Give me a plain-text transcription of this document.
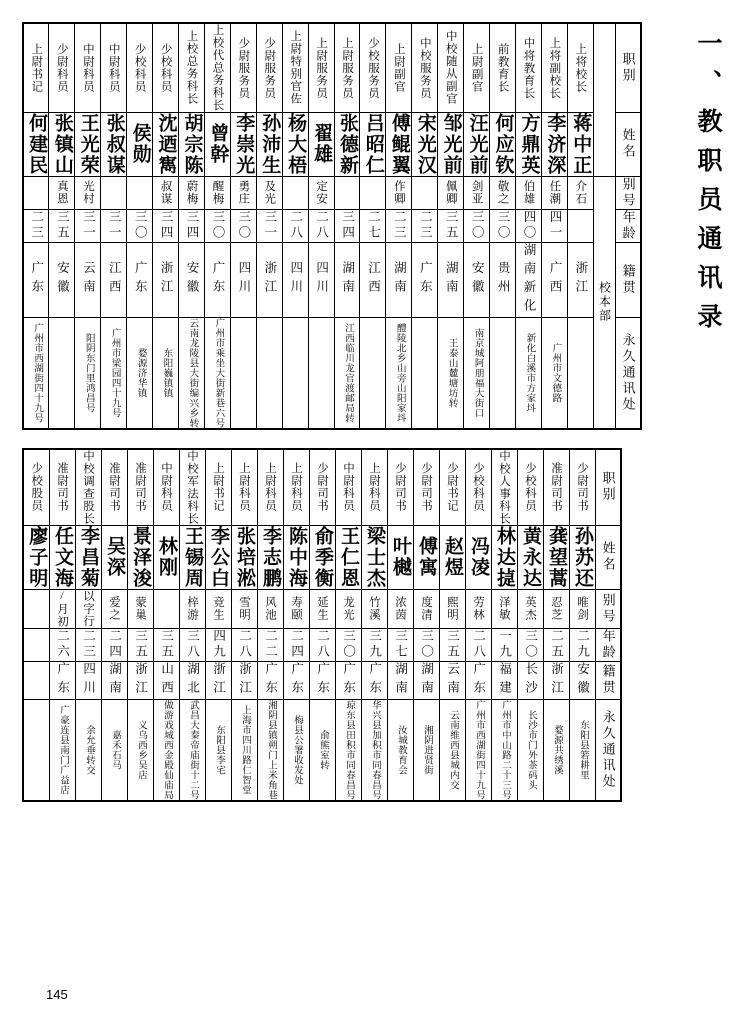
一、教职员通讯录
上尉书记	少尉科员	中尉科员	中尉科员	少校科员	少校科员	上校总务科长	上校代总务科长	少尉服务员	少尉服务员	上尉特别官佐	上尉服务员	上尉服务员	少校服务员	上尉副官	中校服务员	中校随从副官	上尉副官	前教育长	中将教育长	上将副校长	上将校长		职别

何建民	张镇山	王光荣	张叔谋	侯勋	沈迺寯	胡宗陈	曾幹	李崇光	孙沛生	杨大梧	翟雄	张德新	吕昭仁	傅鲲翼	宋光汉	邹光前	汪光前	何应钦	方鼎英	李济深	蒋中正		姓名

	真恩	光村			叔谋	蔚梅	醒梅	勇庄	及光		定安			作卿		佩卿	剑亚	敬之	伯雄	任潮	介石	校本部	别号

二三	三五	三一	三一	三〇	三四	三四	三〇	三〇	三一	二八	二八	三四	二七	二三	二三	三五	三〇	三〇	四〇	四一			年龄

广东	安徽	云南	江西	广东	浙江	安徽	广东	四川	浙江	四川	四川	湖南	江西	湖南	广东	湖南	安徽	贵州	湖南新化	广西	浙江		籍贯

广州市西湖街四十九号		阳阴东门里鸿昌号	广州市梁园四十九号	婺源济华镇	东阳巍镇镇	云南龙陵县大街编兴乡转	广州市乘坐大街新巷六号					江西临川龙官渡邮局转		醴陵北乡山旁山阳家㘰		王泰山麓塘坊转	南京城阿朋福大街口		新化白溪市方家㘰	广州市文德路			永久通讯处
少校股员	准尉司书	中校调查股长	准尉司书	准尉司书	中尉科员	中校军法科长	上尉书记	上尉科员	上尉科员	上尉科员	少尉司书	中尉科员	上尉科员	少尉司书	少尉司书	少尉书记	少校科员	中校人事科长	少校科员	准尉司书	少尉司书	职别

廖子明	任文海	李昌菊	吴深	景泽浚	林刚	王锡周	李公白	张培淞	李志鹏	陈中海	俞季衡	王仁恩	梁士杰	叶樾	傅寓	赵煜	冯凌	林达㨗	黄永达	龚望蒿	孙苏还	姓名

	/月初	以字行	爱之	蒙巢		梓游	竞生	雪明	风池	寿颐	延生	龙光	竹溪	浓茵	度清	熙明	劳林	泽敏	英杰	忍芝	唯剑	别号

	二六	二三	二四	三五	三五	三八	四九	二八	二二	二四	二八	三〇	三九	三七	三〇	三五	二八	一九	三〇	二五	二九	年龄

	广东	四川	湖南	浙江	山西	湖北	浙江	浙江	广东	广东	广东	广东	广东	湖南	湖南	云南	广东	福建	长沙	浙江	安徽	籍贯

	广豪连县南门广益店	余允垂转交	嘉禾石马	义乌西乡吴店	做游戏城西金殿仙庙局	武昌大秦帝庙街十二号	东阳县李宅	上海市四川路仁智堂	湘阴县镇朔门上米角巷	梅县公署收发处	俞熊室转	琼东县田积市同春昌号	华兴县加积市同春昌号	汝城教育会	湘阴进贤街	云南维西县城内交	广州市西湖街四十九号	广州市中山路二十三号	长沙市门外茶码头	婺源共绣溪	东阳县箬耕里	永久通讯处
145
